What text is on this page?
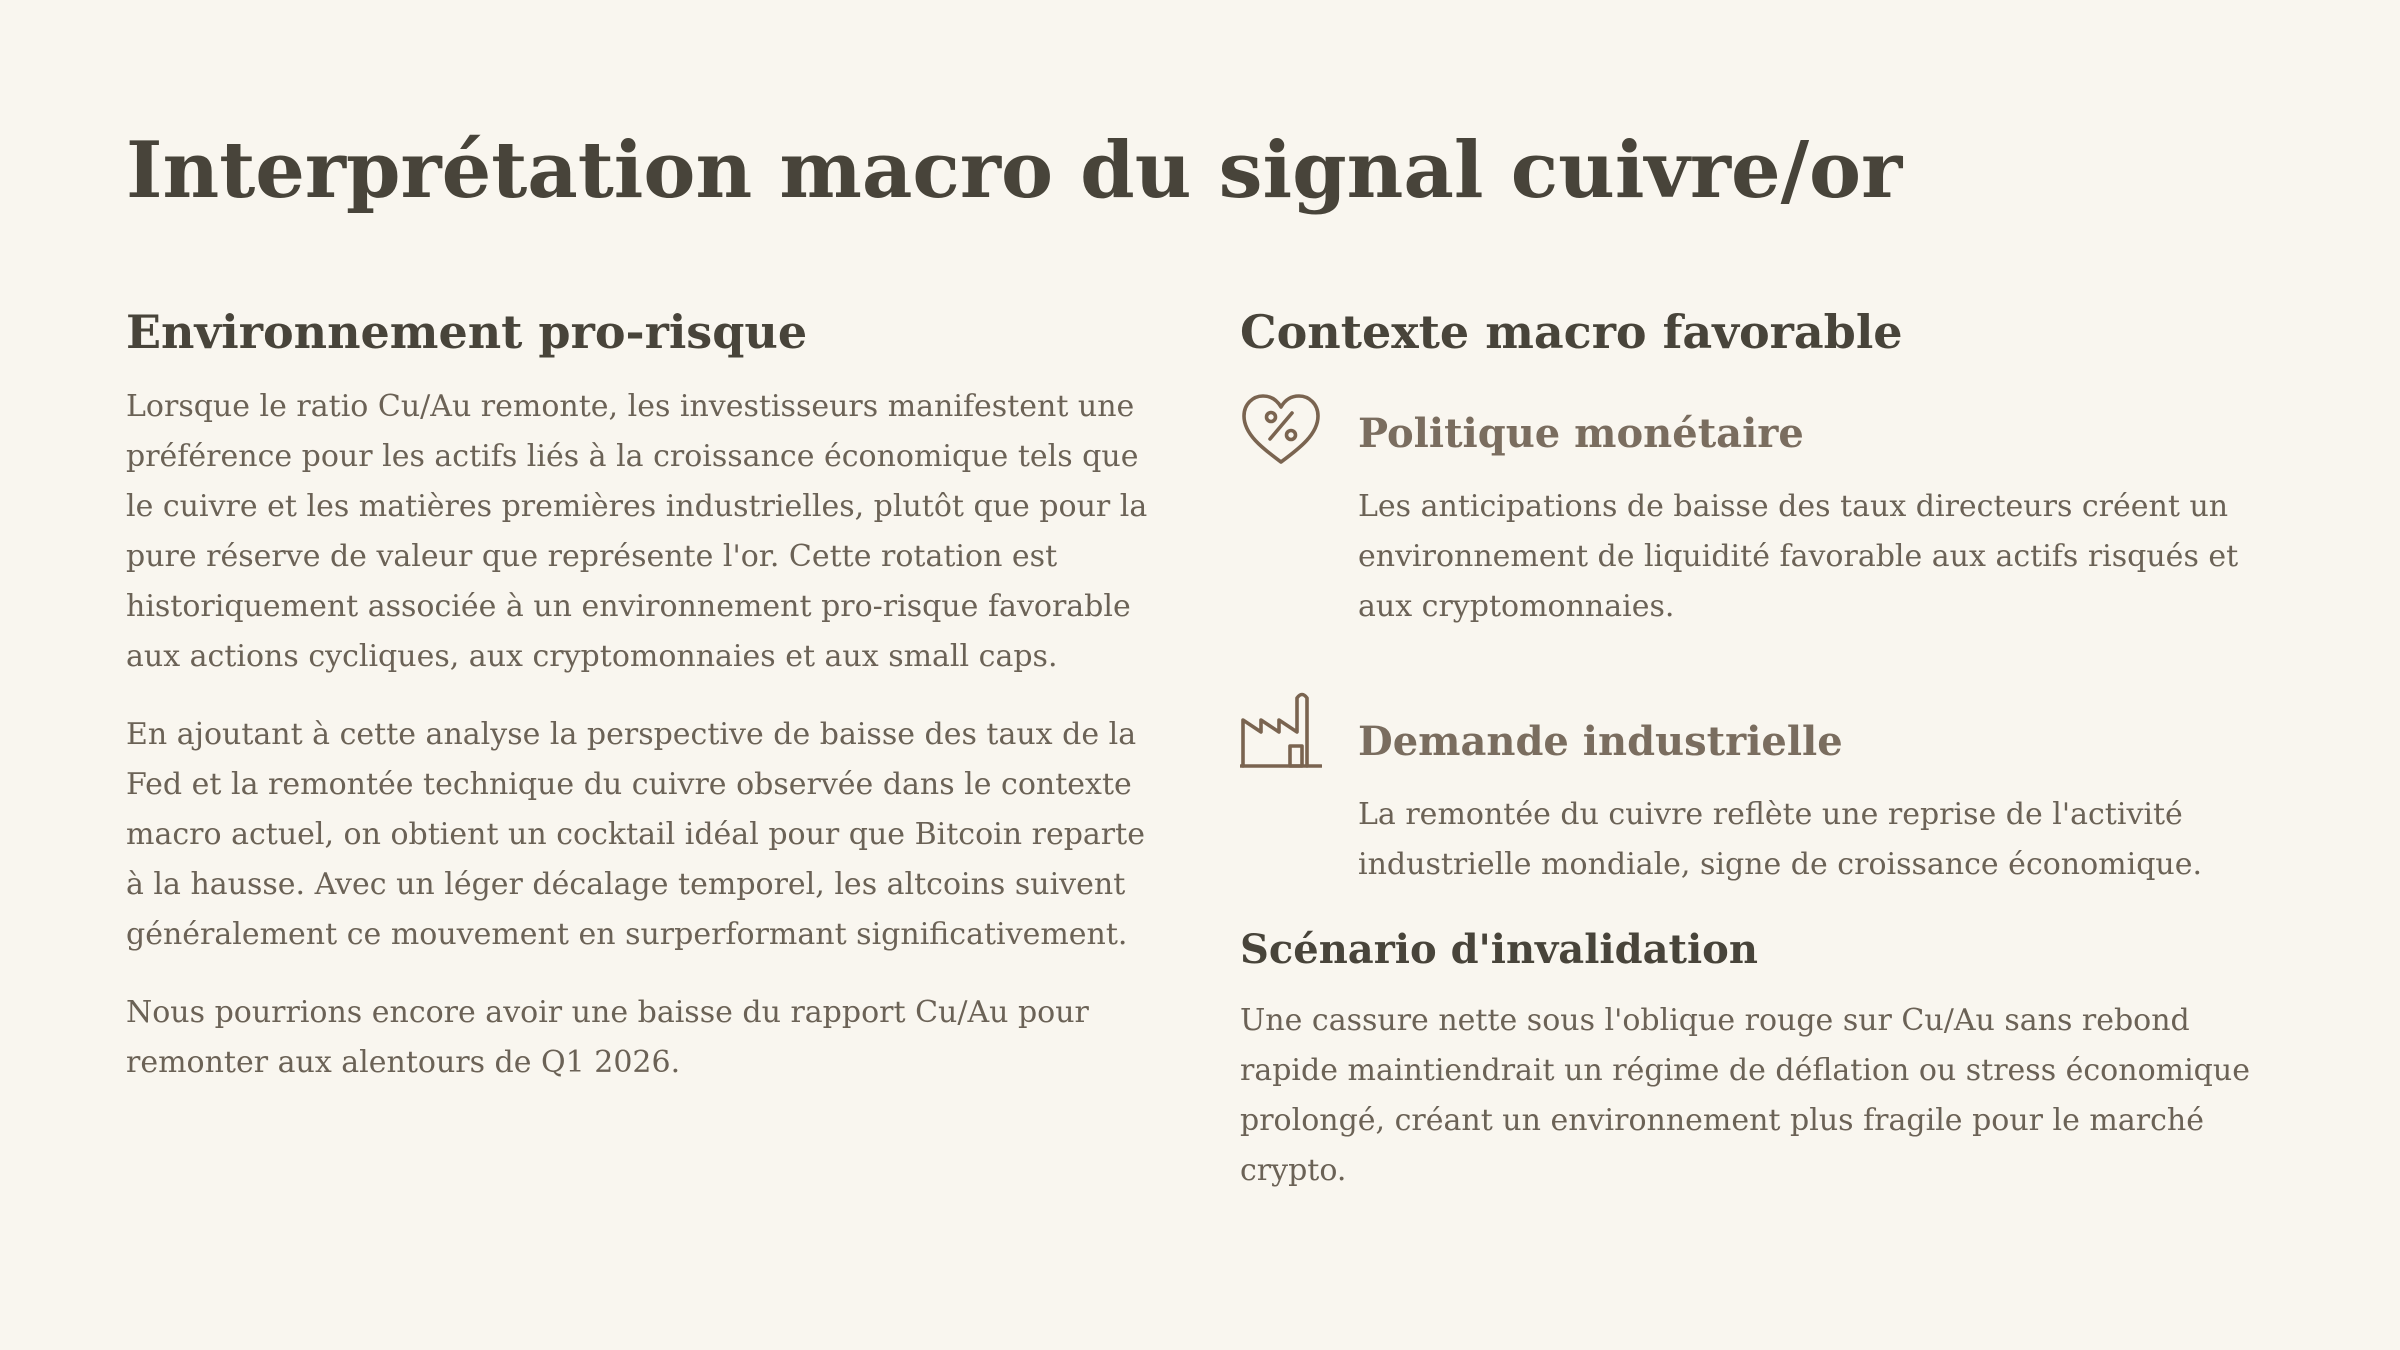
Interprétation macro du signal cuivre/or
Environnement pro-risque

Lorsque le ratio Cu/Au remonte, les investisseurs manifestent une préférence pour les actifs liés à la croissance économique tels que le cuivre et les matières premières industrielles, plutôt que pour la pure réserve de valeur que représente l'or. Cette rotation est historiquement associée à un environnement pro-risque favorable aux actions cycliques, aux cryptomonnaies et aux small caps.

En ajoutant à cette analyse la perspective de baisse des taux de la Fed et la remontée technique du cuivre observée dans le contexte macro actuel, on obtient un cocktail idéal pour que Bitcoin reparte à la hausse. Avec un léger décalage temporel, les altcoins suivent généralement ce mouvement en surperformant significativement.

Nous pourrions encore avoir une baisse du rapport Cu/Au pour remonter aux alentours de Q1 2026.

Contexte macro favorable
Politique monétaire

Les anticipations de baisse des taux directeurs créent un environnement de liquidité favorable aux actifs risqués et aux cryptomonnaies.

Demande industrielle

La remontée du cuivre reflète une reprise de l'activité industrielle mondiale, signe de croissance économique.

Scénario d'invalidation

Une cassure nette sous l'oblique rouge sur Cu/Au sans rebond rapide maintiendrait un régime de déflation ou stress économique prolongé, créant un environnement plus fragile pour le marché crypto.
